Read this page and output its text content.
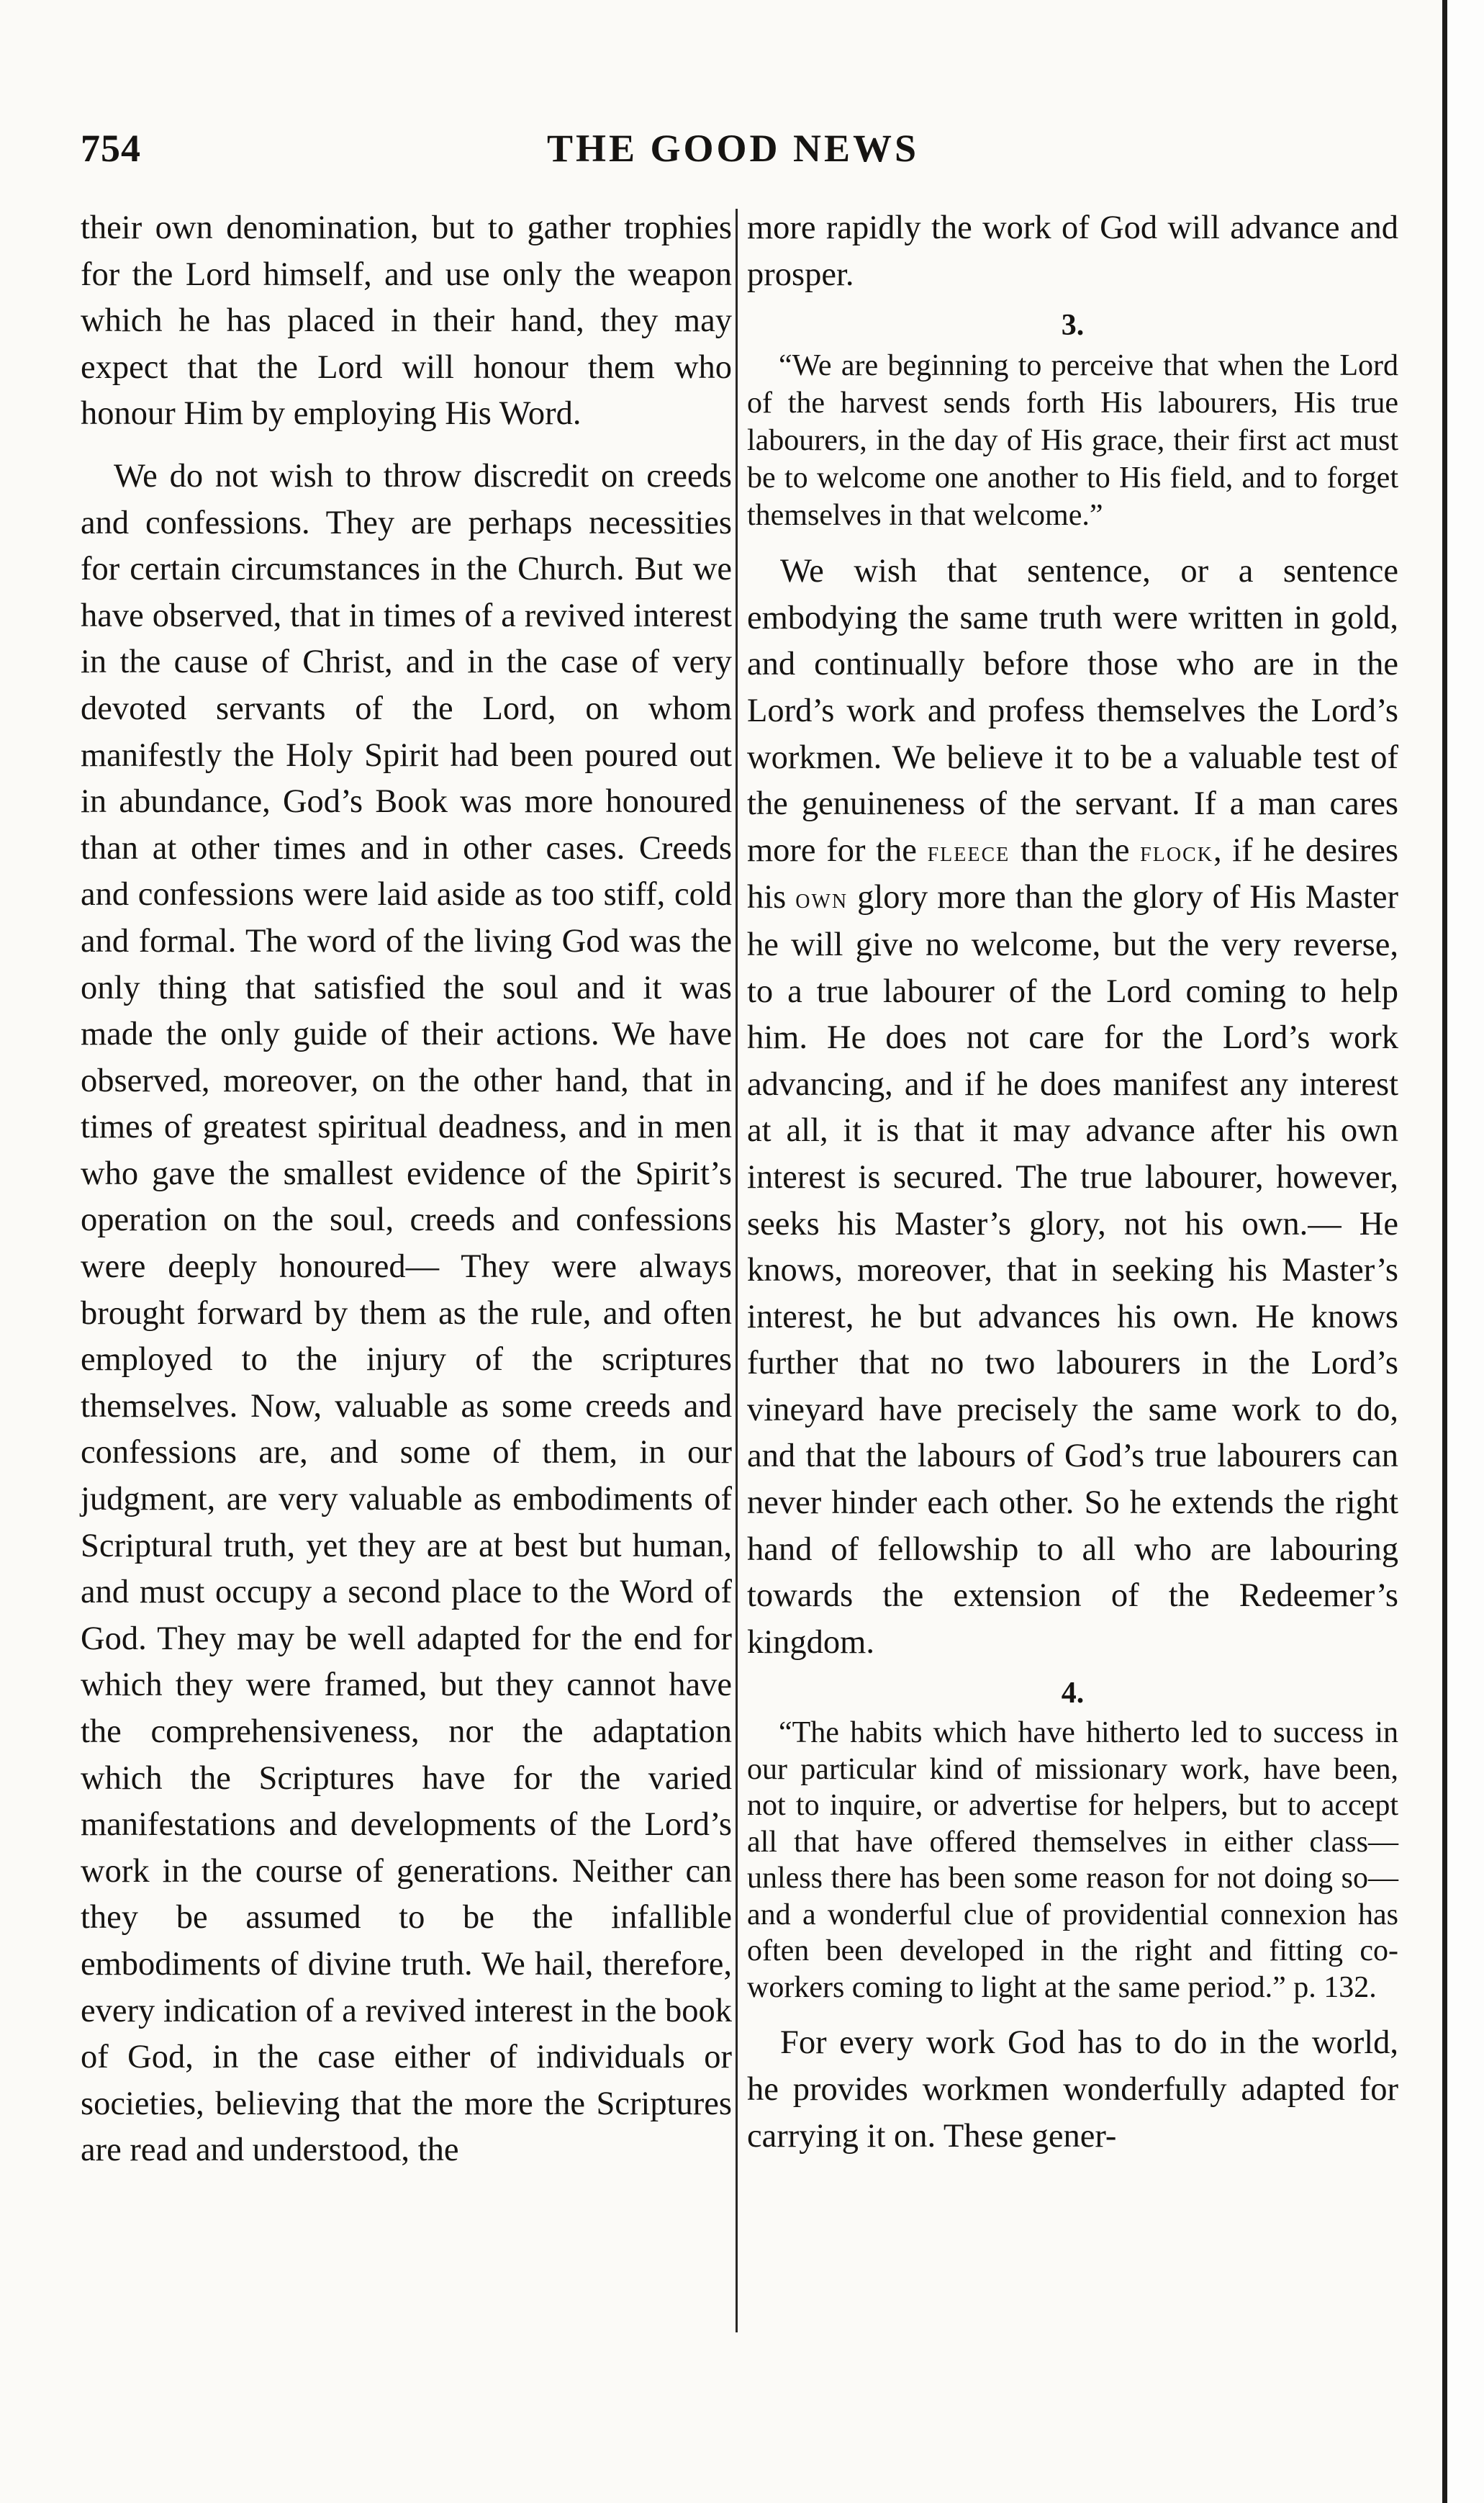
754	THE GOOD NEWS

their own denomination, but to gather trophies for the Lord himself, and use only the weapon which he has placed in their hand, they may expect that the Lord will honour them who honour Him by employing His Word.

We do not wish to throw discredit on creeds and confessions. They are perhaps necessities for certain circumstances in the Church. But we have observed, that in times of a revived interest in the cause of Christ, and in the case of very devoted servants of the Lord, on whom manifestly the Holy Spirit had been poured out in abundance, God’s Book was more honoured than at other times and in other cases. Creeds and confessions were laid aside as too stiff, cold and formal. The word of the living God was the only thing that satisfied the soul and it was made the only guide of their actions. We have observed, moreover, on the other hand, that in times of greatest spiritual deadness, and in men who gave the smallest evidence of the Spirit’s operation on the soul, creeds and confessions were deeply honoured— They were always brought forward by them as the rule, and often employed to the injury of the scriptures themselves. Now, valuable as some creeds and confessions are, and some of them, in our judgment, are very valuable as embodiments of Scriptural truth, yet they are at best but human, and must occupy a second place to the Word of God. They may be well adapted for the end for which they were framed, but they cannot have the comprehensiveness, nor the adaptation which the Scriptures have for the varied manifestations and developments of the Lord’s work in the course of generations. Neither can they be assumed to be the infallible embodiments of divine truth. We hail, therefore, every indication of a revived interest in the book of God, in the case either of individuals or societies, believing that the more the Scriptures are read and understood, the

more rapidly the work of God will advance and prosper.

3.

“We are beginning to perceive that when the Lord of the harvest sends forth His labourers, His true labourers, in the day of His grace, their first act must be to welcome one another to His field, and to forget themselves in that welcome.”

We wish that sentence, or a sentence embodying the same truth were written in gold, and continually before those who are in the Lord’s work and profess themselves the Lord’s workmen. We believe it to be a valuable test of the genuineness of the servant. If a man cares more for the fleece than the flock, if he desires his own glory more than the glory of His Master he will give no welcome, but the very reverse, to a true labourer of the Lord coming to help him. He does not care for the Lord’s work advancing, and if he does manifest any interest at all, it is that it may advance after his own interest is secured. The true labourer, however, seeks his Master’s glory, not his own.— He knows, moreover, that in seeking his Master’s interest, he but advances his own. He knows further that no two labourers in the Lord’s vineyard have precisely the same work to do, and that the labours of God’s true labourers can never hinder each other. So he extends the right hand of fellowship to all who are labouring towards the extension of the Redeemer’s kingdom.

4.

“The habits which have hitherto led to success in our particular kind of missionary work, have been, not to inquire, or advertise for helpers, but to accept all that have offered themselves in either class—unless there has been some reason for not doing so—and a wonderful clue of providential connexion has often been developed in the right and fitting co-workers coming to light at the same period.” p. 132.

For every work God has to do in the world, he provides workmen wonderfully adapted for carrying it on. These gener-
